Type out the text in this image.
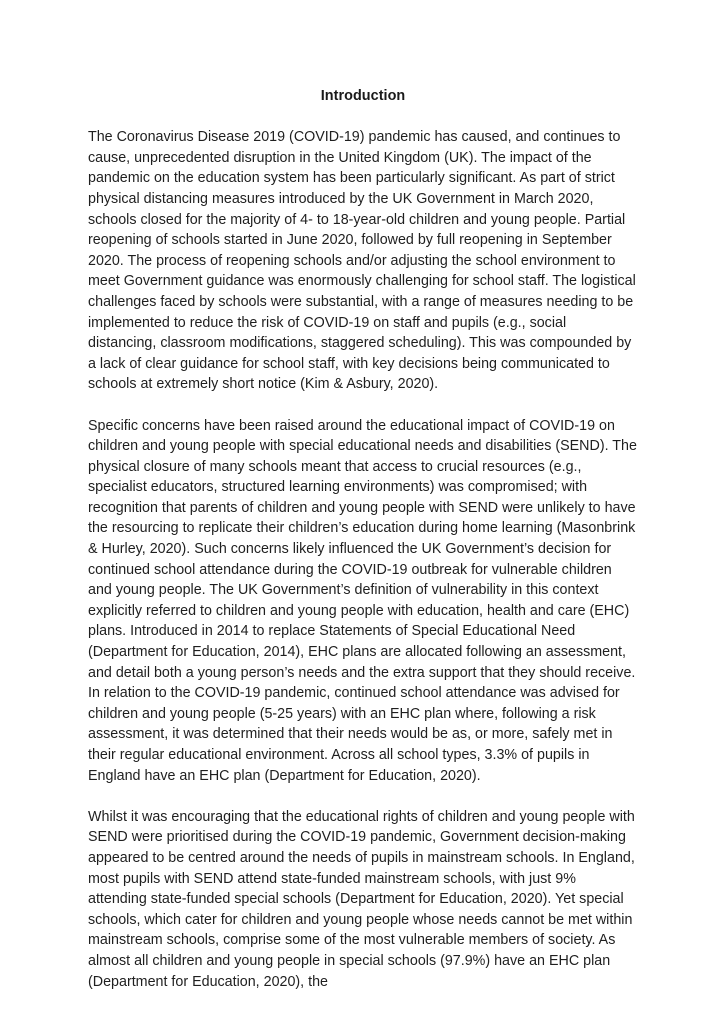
Introduction

The Coronavirus Disease 2019 (COVID-19) pandemic has caused, and continues to cause, unprecedented disruption in the United Kingdom (UK). The impact of the pandemic on the education system has been particularly significant. As part of strict physical distancing measures introduced by the UK Government in March 2020, schools closed for the majority of 4- to 18-year-old children and young people. Partial reopening of schools started in June 2020, followed by full reopening in September 2020. The process of reopening schools and/or adjusting the school environment to meet Government guidance was enormously challenging for school staff. The logistical challenges faced by schools were substantial, with a range of measures needing to be implemented to reduce the risk of COVID-19 on staff and pupils (e.g., social distancing, classroom modifications, staggered scheduling). This was compounded by a lack of clear guidance for school staff, with key decisions being communicated to schools at extremely short notice (Kim & Asbury, 2020).

Specific concerns have been raised around the educational impact of COVID-19 on children and young people with special educational needs and disabilities (SEND). The physical closure of many schools meant that access to crucial resources (e.g., specialist educators, structured learning environments) was compromised; with recognition that parents of children and young people with SEND were unlikely to have the resourcing to replicate their children’s education during home learning (Masonbrink & Hurley, 2020). Such concerns likely influenced the UK Government’s decision for continued school attendance during the COVID-19 outbreak for vulnerable children and young people. The UK Government’s definition of vulnerability in this context explicitly referred to children and young people with education, health and care (EHC) plans. Introduced in 2014 to replace Statements of Special Educational Need (Department for Education, 2014), EHC plans are allocated following an assessment, and detail both a young person’s needs and the extra support that they should receive. In relation to the COVID-19 pandemic, continued school attendance was advised for children and young people (5-25 years) with an EHC plan where, following a risk assessment, it was determined that their needs would be as, or more, safely met in their regular educational environment. Across all school types, 3.3% of pupils in England have an EHC plan (Department for Education, 2020).

Whilst it was encouraging that the educational rights of children and young people with SEND were prioritised during the COVID-19 pandemic, Government decision-making appeared to be centred around the needs of pupils in mainstream schools. In England, most pupils with SEND attend state-funded mainstream schools, with just 9% attending state-funded special schools (Department for Education, 2020). Yet special schools, which cater for children and young people whose needs cannot be met within mainstream schools, comprise some of the most vulnerable members of society. As almost all children and young people in special schools (97.9%) have an EHC plan (Department for Education, 2020), the
